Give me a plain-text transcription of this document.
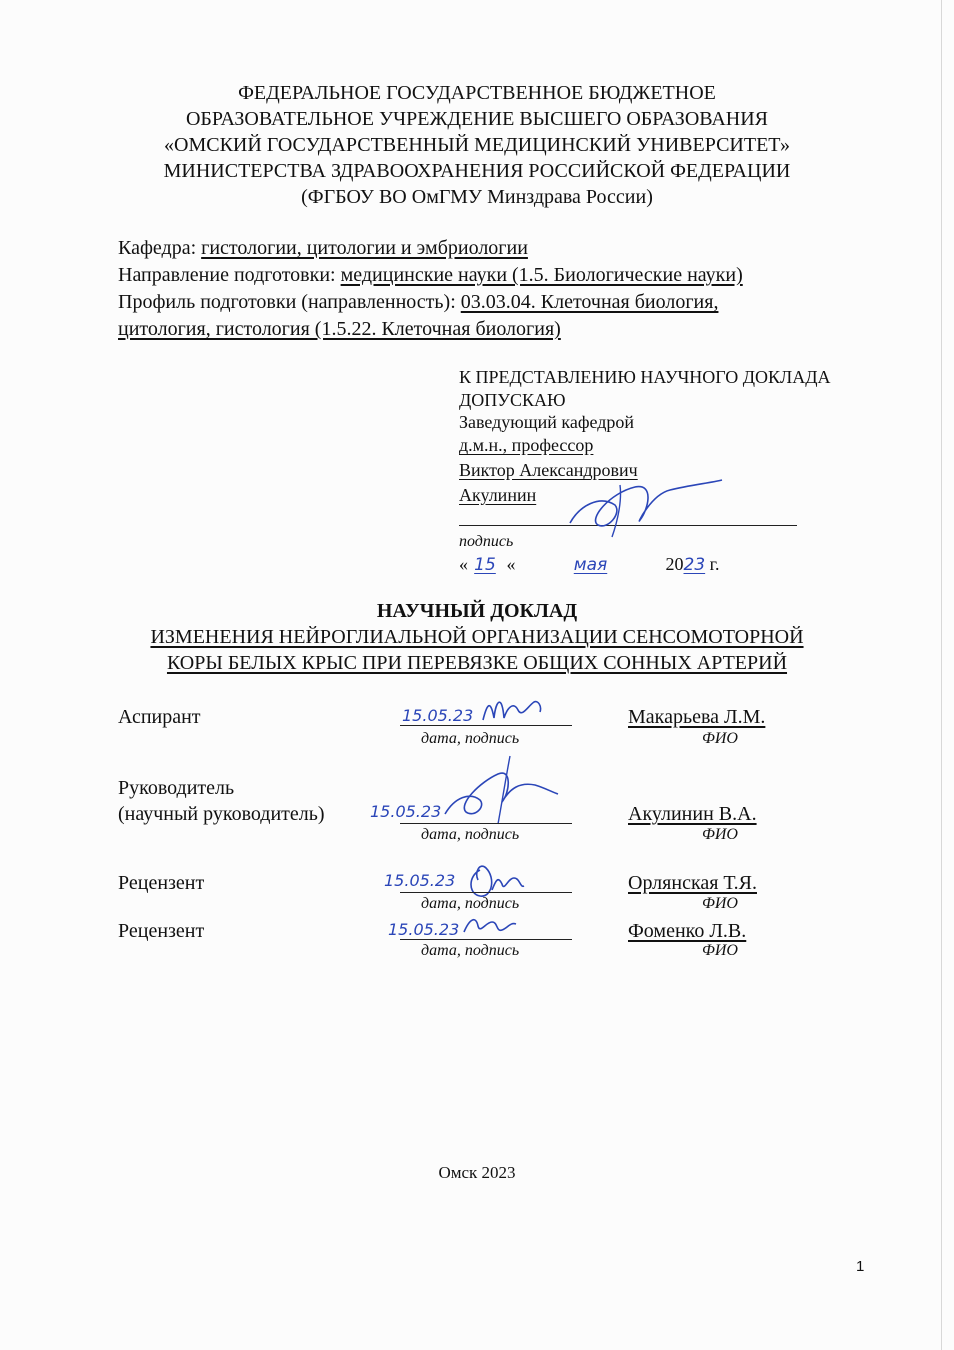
ФЕДЕРАЛЬНОЕ ГОСУДАРСТВЕННОЕ БЮДЖЕТНОЕ
ОБРАЗОВАТЕЛЬНОЕ УЧРЕЖДЕНИЕ ВЫСШЕГО ОБРАЗОВАНИЯ
«ОМСКИЙ ГОСУДАРСТВЕННЫЙ МЕДИЦИНСКИЙ УНИВЕРСИТЕТ»
МИНИСТЕРСТВА ЗДРАВООХРАНЕНИЯ РОССИЙСКОЙ ФЕДЕРАЦИИ
(ФГБОУ ВО ОмГМУ Минздрава России)
Кафедра: гистологии, цитологии и эмбриологии
Направление подготовки: медицинские науки (1.5. Биологические науки)
Профиль подготовки (направленность): 03.03.04. Клеточная биология,
цитология, гистология (1.5.22. Клеточная биология)
К ПРЕДСТАВЛЕНИЮ НАУЧНОГО ДОКЛАДА
ДОПУСКАЮ
Заведующий кафедрой
д.м.н., профессор
Виктор Александрович
Акулинин
подпись
« 15 «	мая	2023 г.
НАУЧНЫЙ ДОКЛАД
ИЗМЕНЕНИЯ НЕЙРОГЛИАЛЬНОЙ ОРГАНИЗАЦИИ СЕНСОМОТОРНОЙ
КОРЫ БЕЛЫХ КРЫС ПРИ ПЕРЕВЯЗКЕ ОБЩИХ СОННЫХ АРТЕРИЙ
Аспирант	15.05.23
дата, подпись
Макарьева Л.М.
ФИО
Руководитель
(научный руководитель)	15.05.23
дата, подпись
Акулинин В.А.
ФИО
Рецензент	15.05.23
дата, подпись
Орлянская Т.Я.
ФИО
Рецензент	15.05.23
дата, подпись
Фоменко Л.В.
ФИО
Омск 2023
1
